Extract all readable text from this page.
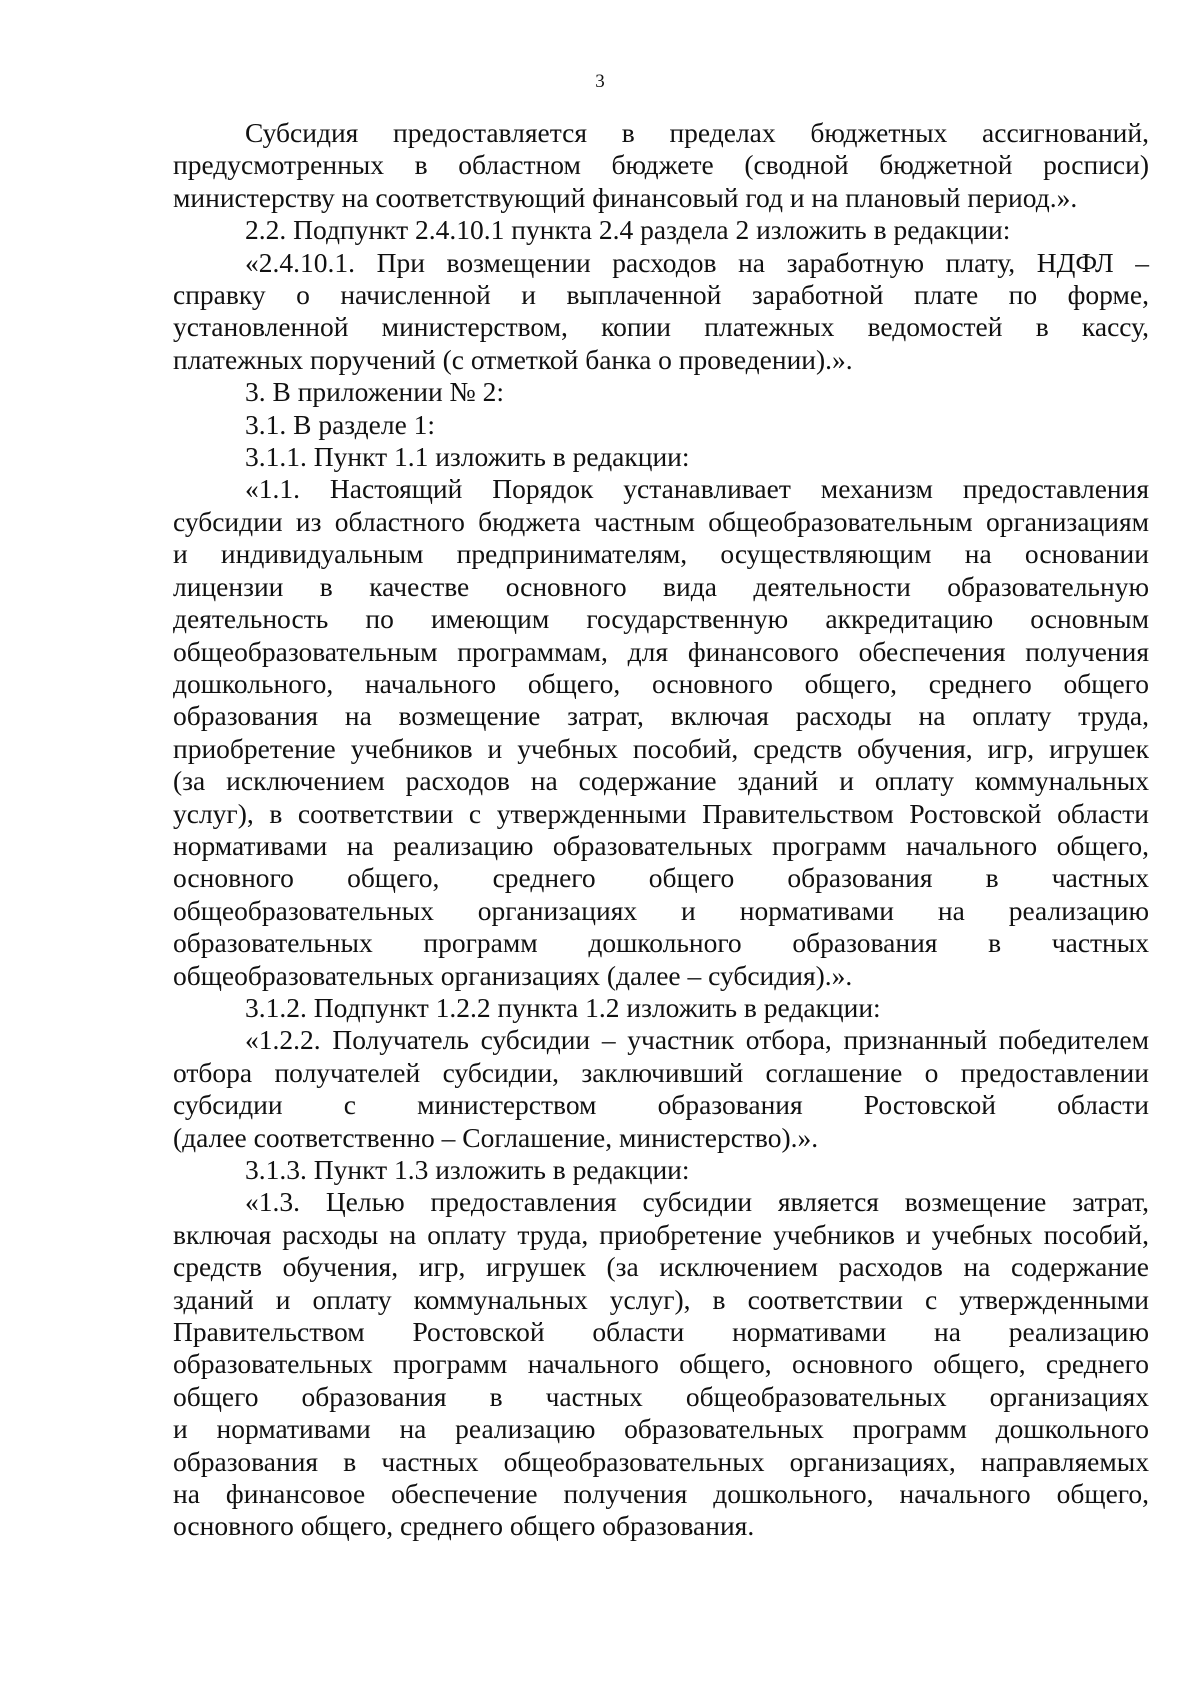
3
Субсидия предоставляется в пределах бюджетных ассигнований,
предусмотренных в областном бюджете (сводной бюджетной росписи)
министерству на соответствующий финансовый год и на плановый период.».
2.2. Подпункт 2.4.10.1 пункта 2.4 раздела 2 изложить в редакции:
«2.4.10.1. При возмещении расходов на заработную плату, НДФЛ –
справку о начисленной и выплаченной заработной плате по форме,
установленной министерством, копии платежных ведомостей в кассу,
платежных поручений (с отметкой банка о проведении).».
3. В приложении № 2:
3.1. В разделе 1:
3.1.1. Пункт 1.1 изложить в редакции:
«1.1. Настоящий Порядок устанавливает механизм предоставления
субсидии из областного бюджета частным общеобразовательным организациям
и индивидуальным предпринимателям, осуществляющим на основании
лицензии в качестве основного вида деятельности образовательную
деятельность по имеющим государственную аккредитацию основным
общеобразовательным программам, для финансового обеспечения получения
дошкольного, начального общего, основного общего, среднего общего
образования на возмещение затрат, включая расходы на оплату труда,
приобретение учебников и учебных пособий, средств обучения, игр, игрушек
(за исключением расходов на содержание зданий и оплату коммунальных
услуг), в соответствии с утвержденными Правительством Ростовской области
нормативами на реализацию образовательных программ начального общего,
основного общего, среднего общего образования в частных
общеобразовательных организациях и нормативами на реализацию
образовательных программ дошкольного образования в частных
общеобразовательных организациях (далее – субсидия).».
3.1.2. Подпункт 1.2.2 пункта 1.2 изложить в редакции:
«1.2.2. Получатель субсидии – участник отбора, признанный победителем
отбора получателей субсидии, заключивший соглашение о предоставлении
субсидии с министерством образования Ростовской области
(далее соответственно – Соглашение, министерство).».
3.1.3. Пункт 1.3 изложить в редакции:
«1.3. Целью предоставления субсидии является возмещение затрат,
включая расходы на оплату труда, приобретение учебников и учебных пособий,
средств обучения, игр, игрушек (за исключением расходов на содержание
зданий и оплату коммунальных услуг), в соответствии с утвержденными
Правительством Ростовской области нормативами на реализацию
образовательных программ начального общего, основного общего, среднего
общего образования в частных общеобразовательных организациях
и нормативами на реализацию образовательных программ дошкольного
образования в частных общеобразовательных организациях, направляемых
на финансовое обеспечение получения дошкольного, начального общего,
основного общего, среднего общего образования.
